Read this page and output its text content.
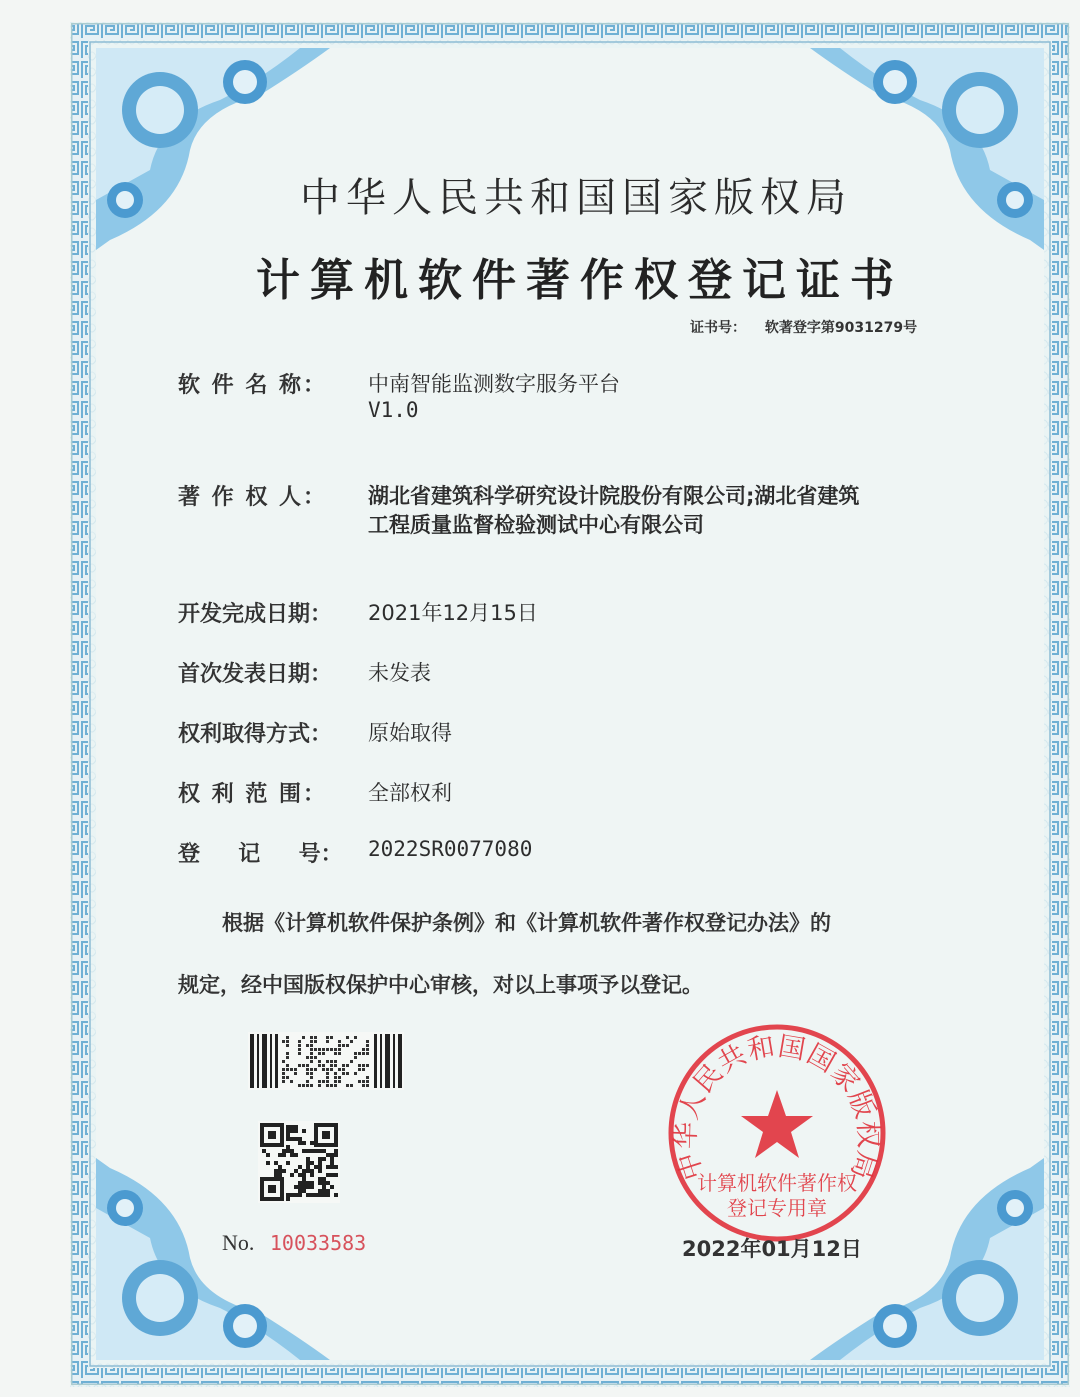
中华人民共和国国家版权局
计算机软件著作权登记证书
证书号： 软著登字第9031279号
软 件 名 称： 中南智能监测数字服务平台
V1.0
著 作 权 人： 湖北省建筑科学研究设计院股份有限公司;湖北省建筑
工程质量监督检验测试中心有限公司
开发完成日期： 2021年12月15日
首次发表日期： 未发表
权利取得方式： 原始取得
权 利 范 围： 全部权利
登     记     号： 2022SR0077080
根据《计算机软件保护条例》和《计算机软件著作权登记办法》的
规定，经中国版权保护中心审核，对以上事项予以登记。
No. 10033583
中华人民共和国国家版权局
计算机软件著作权
登记专用章
2022年01月12日
